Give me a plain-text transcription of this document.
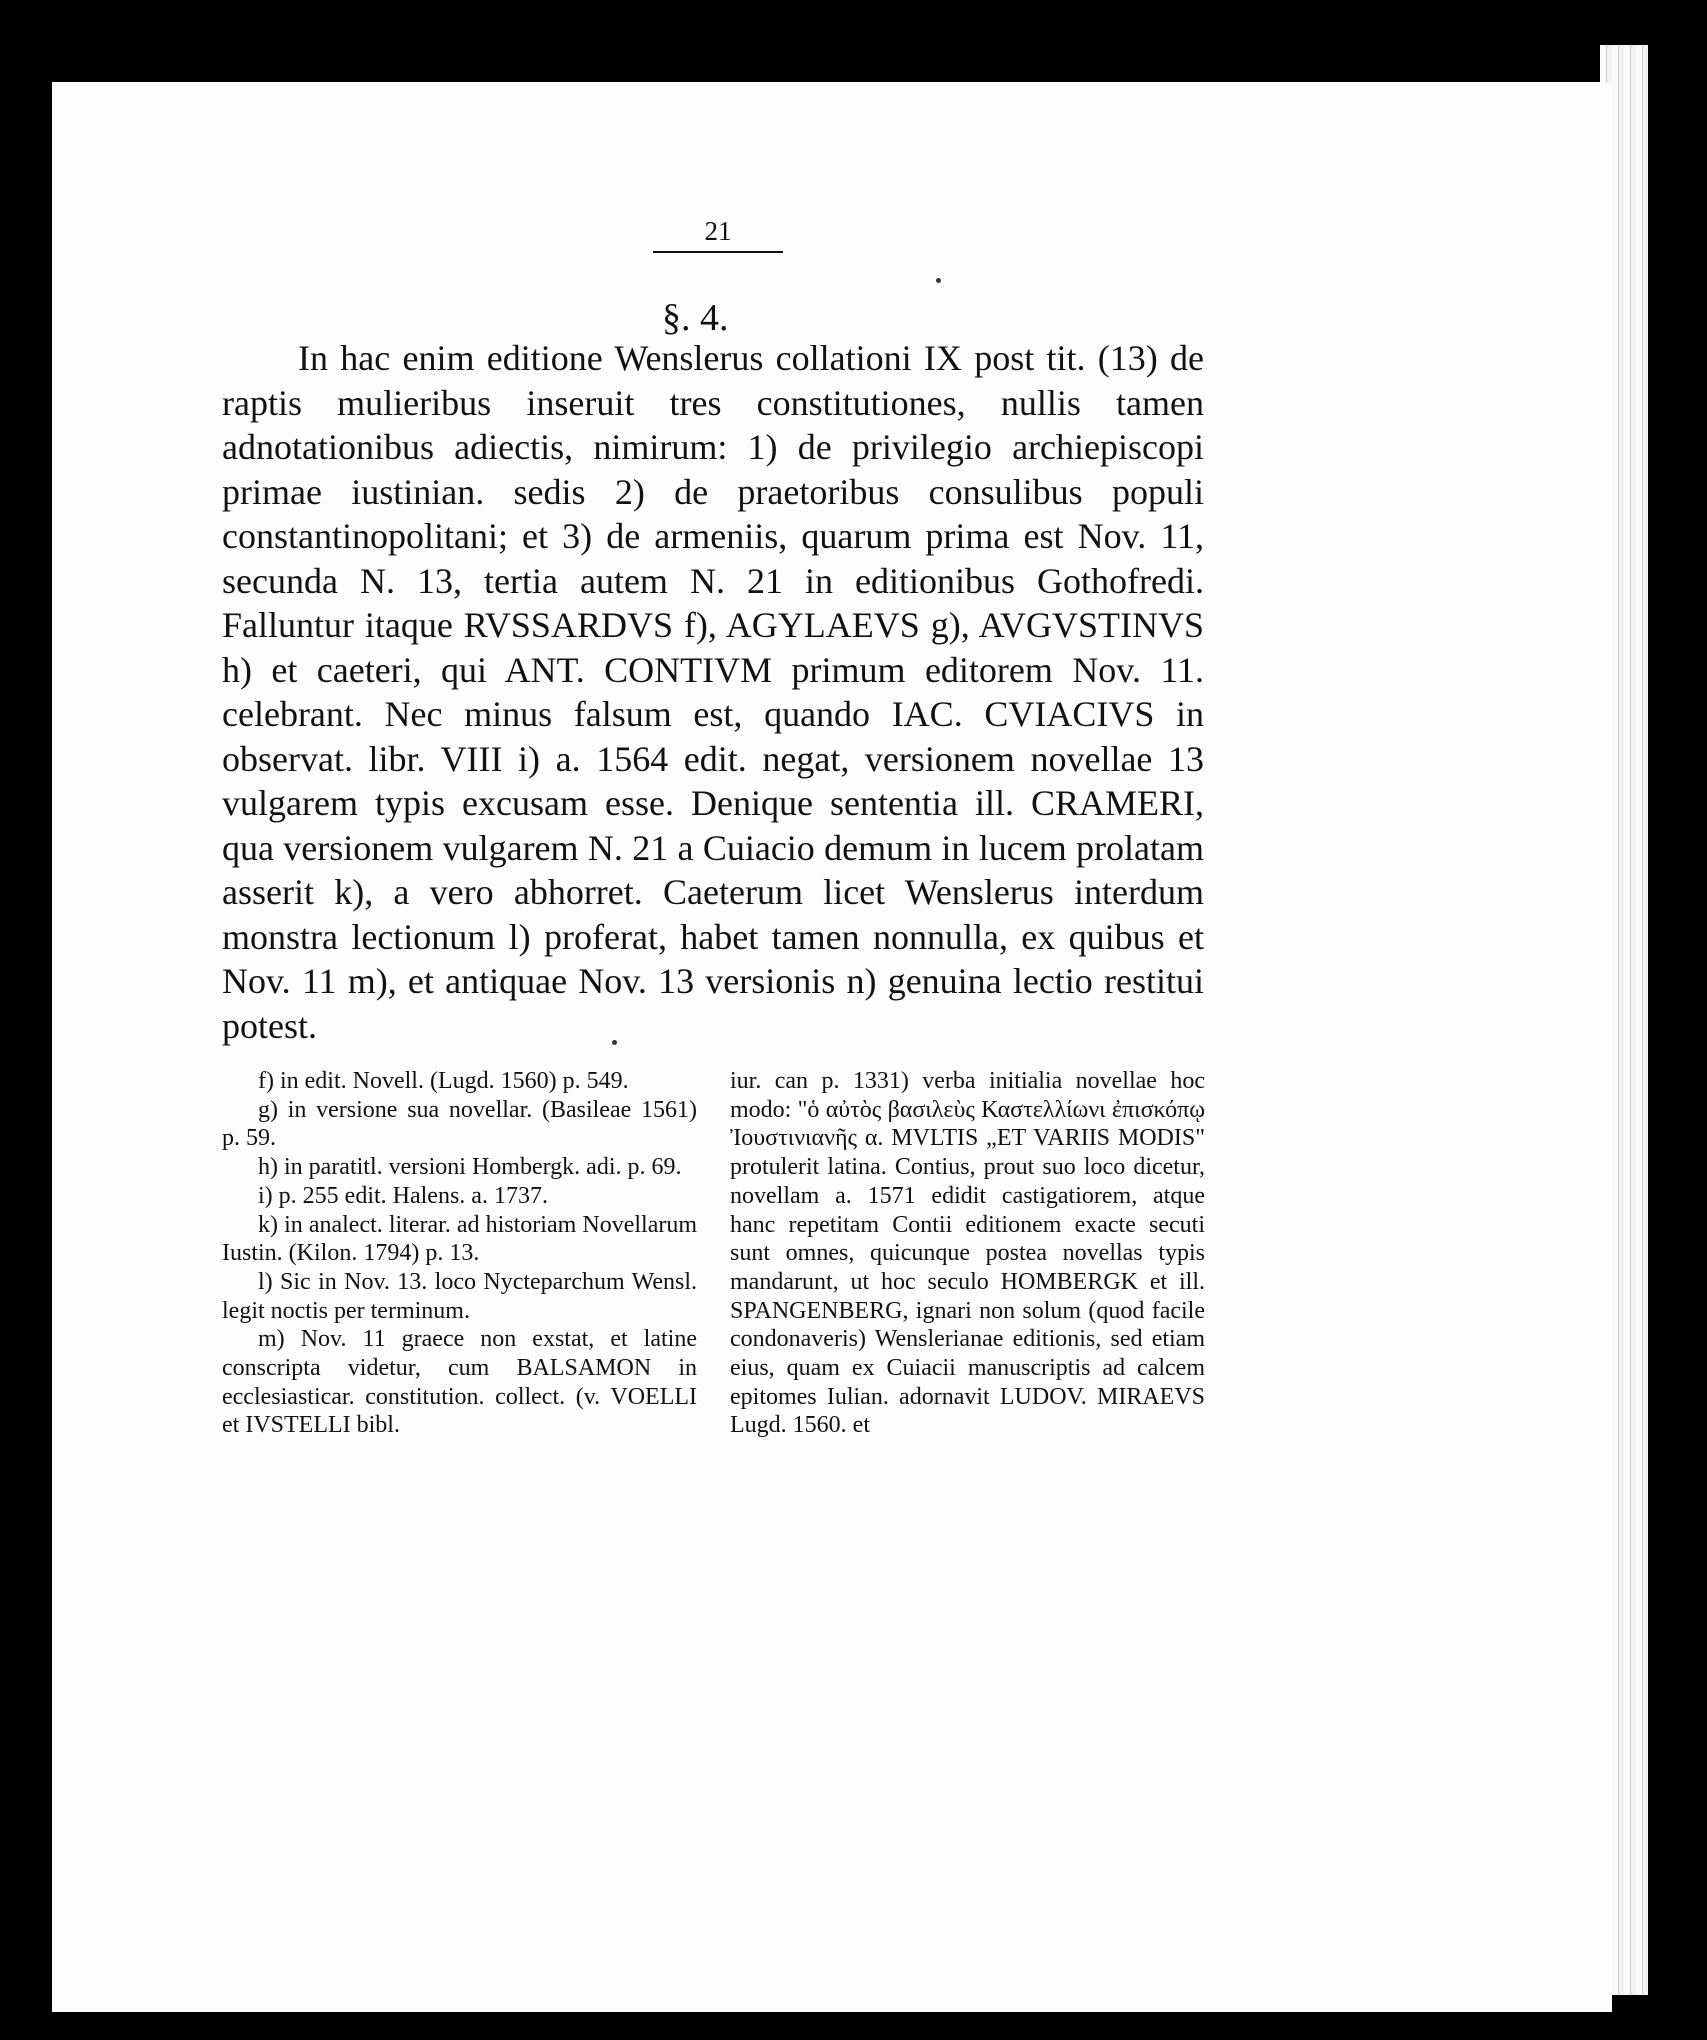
21
§. 4.

In hac enim editione Wenslerus collationi IX post tit. (13) de raptis mulieribus inseruit tres constitutiones, nullis tamen adnotationibus adiectis, nimirum: 1) de privilegio archiepiscopi primae iustinian. sedis 2) de praetoribus consulibus populi constantinopolitani; et 3) de armeniis, quarum prima est Nov. 11, secunda N. 13, tertia autem N. 21 in editionibus Gothofredi. Falluntur itaque RVSSARDVS f), AGYLAEVS g), AVGVSTINVS h) et caeteri, qui ANT. CONTIVM primum editorem Nov. 11. celebrant. Nec minus falsum est, quando IAC. CVIACIVS in observat. libr. VIII i) a. 1564 edit. negat, versionem novellae 13 vulgarem typis excusam esse. Denique sententia ill. CRAMERI, qua versionem vulgarem N. 21 a Cuiacio demum in lucem prolatam asserit k), a vero abhorret. Caeterum licet Wenslerus interdum monstra lectionum l) proferat, habet tamen nonnulla, ex quibus et Nov. 11 m), et antiquae Nov. 13 versionis n) genuina lectio restitui potest.

f) in edit. Novell. (Lugd. 1560) p. 549.

g) in versione sua novellar. (Basileae 1561) p. 59.

h) in paratitl. versioni Hombergk. adi. p. 69.

i) p. 255 edit. Halens. a. 1737.

k) in analect. literar. ad historiam Novellarum Iustin. (Kilon. 1794) p. 13.

l) Sic in Nov. 13. loco Nycteparchum Wensl. legit noctis per terminum.

m) Nov. 11 graece non exstat, et latine conscripta videtur, cum BALSAMON in ecclesiasticar. constitution. collect. (v. VOELLI et IVSTELLI bibl.

iur. can p. 1331) verba initialia novellae hoc modo: "ὁ αὐτὸς βασιλεὺς Καστελλίωνι ἐπισκόπῳ Ἰουστινιανῆς α. MVLTIS „ET VARIIS MODIS" protulerit latina. Contius, prout suo loco dicetur, novellam a. 1571 edidit castigatiorem, atque hanc repetitam Contii editionem exacte secuti sunt omnes, quicunque postea novellas typis mandarunt, ut hoc seculo HOMBERGK et ill. SPANGENBERG, ignari non solum (quod facile condonaveris) Wenslerianae editionis, sed etiam eius, quam ex Cuiacii manuscriptis ad calcem epitomes Iulian. adornavit LUDOV. MIRAEVS Lugd. 1560. et
